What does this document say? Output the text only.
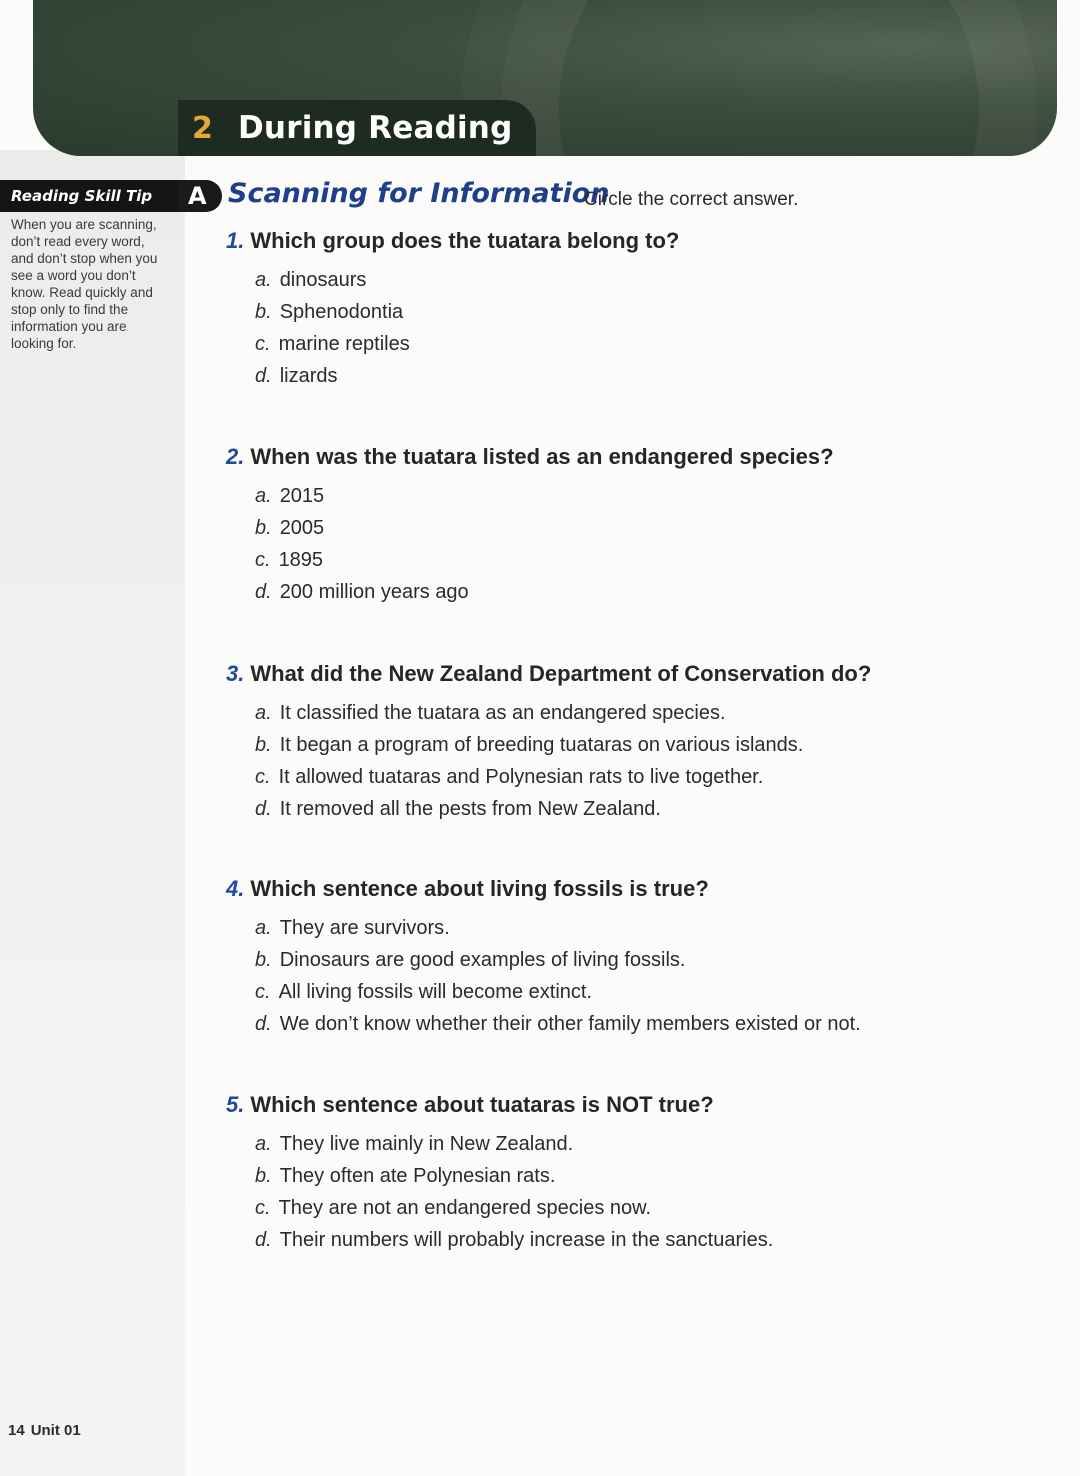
2 During Reading
Reading Skill Tip
When you are scanning,
don’t read every word,
and don’t stop when you
see a word you don’t
know. Read quickly and
stop only to find the
information you are
looking for.
A Scanning for Information
Circle the correct answer.
1. Which group does the tuatara belong to?
a. dinosaurs
b. Sphenodontia
c. marine reptiles
d. lizards
2. When was the tuatara listed as an endangered species?
a. 2015
b. 2005
c. 1895
d. 200 million years ago
3. What did the New Zealand Department of Conservation do?
a. It classified the tuatara as an endangered species.
b. It began a program of breeding tuataras on various islands.
c. It allowed tuataras and Polynesian rats to live together.
d. It removed all the pests from New Zealand.
4. Which sentence about living fossils is true?
a. They are survivors.
b. Dinosaurs are good examples of living fossils.
c. All living fossils will become extinct.
d. We don’t know whether their other family members existed or not.
5. Which sentence about tuataras is NOT true?
a. They live mainly in New Zealand.
b. They often ate Polynesian rats.
c. They are not an endangered species now.
d. Their numbers will probably increase in the sanctuaries.
14 Unit 01
